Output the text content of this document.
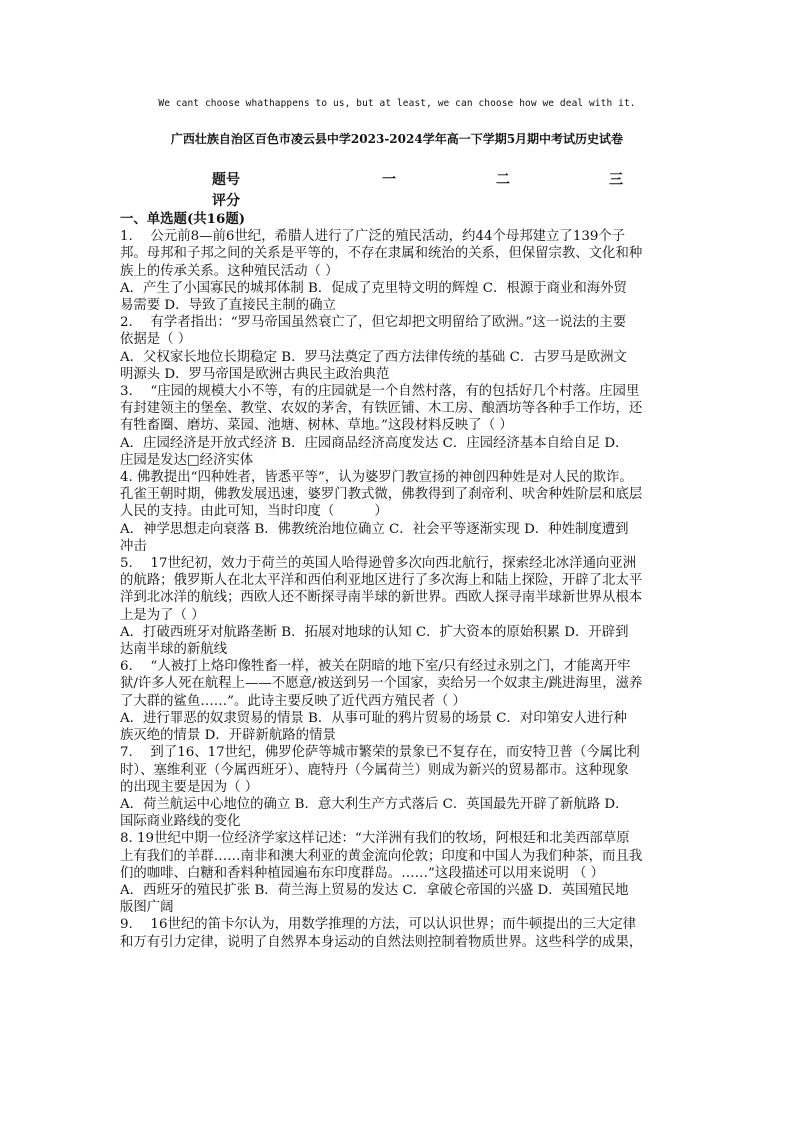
We cant choose whathappens to us, but at least, we can choose how we deal with it.
广西壮族自治区百色市凌云县中学2023-2024学年高一下学期5月期中考试历史试卷
题号	一	二	三
评分

一、单选题(共16题)

1.　 公元前8—前6世纪，希腊人进行了广泛的殖民活动，约44个母邦建立了139个子

邦。母邦和子邦之间的关系是平等的，不存在隶属和统治的关系，但保留宗教、文化和种

族上的传承关系。这种殖民活动（ ）

A．产生了小国寡民的城邦体制 B．促成了克里特文明的辉煌 C．根源于商业和海外贸

易需要 D．导致了直接民主制的确立

2.　 有学者指出：“罗马帝国虽然衰亡了，但它却把文明留给了欧洲。”这一说法的主要

依据是（ ）

A．父权家长地位长期稳定 B．罗马法奠定了西方法律传统的基础 C．古罗马是欧洲文

明源头 D．罗马帝国是欧洲古典民主政治典范

3.　 “庄园的规模大小不等，有的庄园就是一个自然村落，有的包括好几个村落。庄园里

有封建领主的堡垒、教堂、农奴的茅舍，有铁匠铺、木工房、酿酒坊等各种手工作坊，还

有牲畜圈、磨坊、菜园、池塘、树林、草地。”这段材料反映了（ ）

A．庄园经济是开放式经济 B．庄园商品经济高度发达 C．庄园经济基本自给自足 D．

庄园是发达□经济实体

4. 佛教提出“四种姓者，皆悉平等”，认为婆罗门教宣扬的神创四种姓是对人民的欺诈。

孔雀王朝时期，佛教发展迅速，婆罗门教式微，佛教得到了刹帝利、吠舍种姓阶层和底层

人民的支持。由此可知，当时印度（　　　）

A．神学思想走向衰落 B．佛教统治地位确立 C．社会平等逐渐实现 D．种姓制度遭到

冲击

5.　 17世纪初，效力于荷兰的英国人哈得逊曾多次向西北航行，探索经北冰洋通向亚洲

的航路；俄罗斯人在北太平洋和西伯利亚地区进行了多次海上和陆上探险，开辟了北太平

洋到北冰洋的航线；西欧人还不断探寻南半球的新世界。西欧人探寻南半球新世界从根本

上是为了（ ）

A．打破西班牙对航路垄断 B．拓展对地球的认知 C．扩大资本的原始积累 D．开辟到

达南半球的新航线

6.　 “人被打上烙印像牲畜一样，被关在阴暗的地下室/只有经过永别之门，才能离开牢

狱/许多人死在航程上——不愿意/被送到另一个国家，卖给另一个奴隶主/跳进海里，滋养

了大群的鲨鱼……”。此诗主要反映了近代西方殖民者（ ）

A．进行罪恶的奴隶贸易的情景 B．从事可耻的鸦片贸易的场景 C．对印第安人进行种

族灭绝的情景 D．开辟新航路的情景

7.　 到了16、17世纪，佛罗伦萨等城市繁荣的景象已不复存在，而安特卫普（今属比利

时）、塞维利亚（今属西班牙）、鹿特丹（今属荷兰）则成为新兴的贸易都市。这种现象

的出现主要是因为（ ）

A．荷兰航运中心地位的确立 B．意大利生产方式落后 C．英国最先开辟了新航路 D．

国际商业路线的变化

8. 19世纪中期一位经济学家这样记述：“大洋洲有我们的牧场，阿根廷和北美西部草原

上有我们的羊群……南非和澳大利亚的黄金流向伦敦；印度和中国人为我们种茶，而且我

们的咖啡、白糖和香料种植园遍布东印度群岛。……”这段描述可以用来说明 （ ）

A．西班牙的殖民扩张 B．荷兰海上贸易的发达 C．拿破仑帝国的兴盛 D．英国殖民地

版图广阔

9.　 16世纪的笛卡尔认为，用数学推理的方法，可以认识世界；而牛顿提出的三大定律

和万有引力定律，说明了自然界本身运动的自然法则控制着物质世界。这些科学的成果，
